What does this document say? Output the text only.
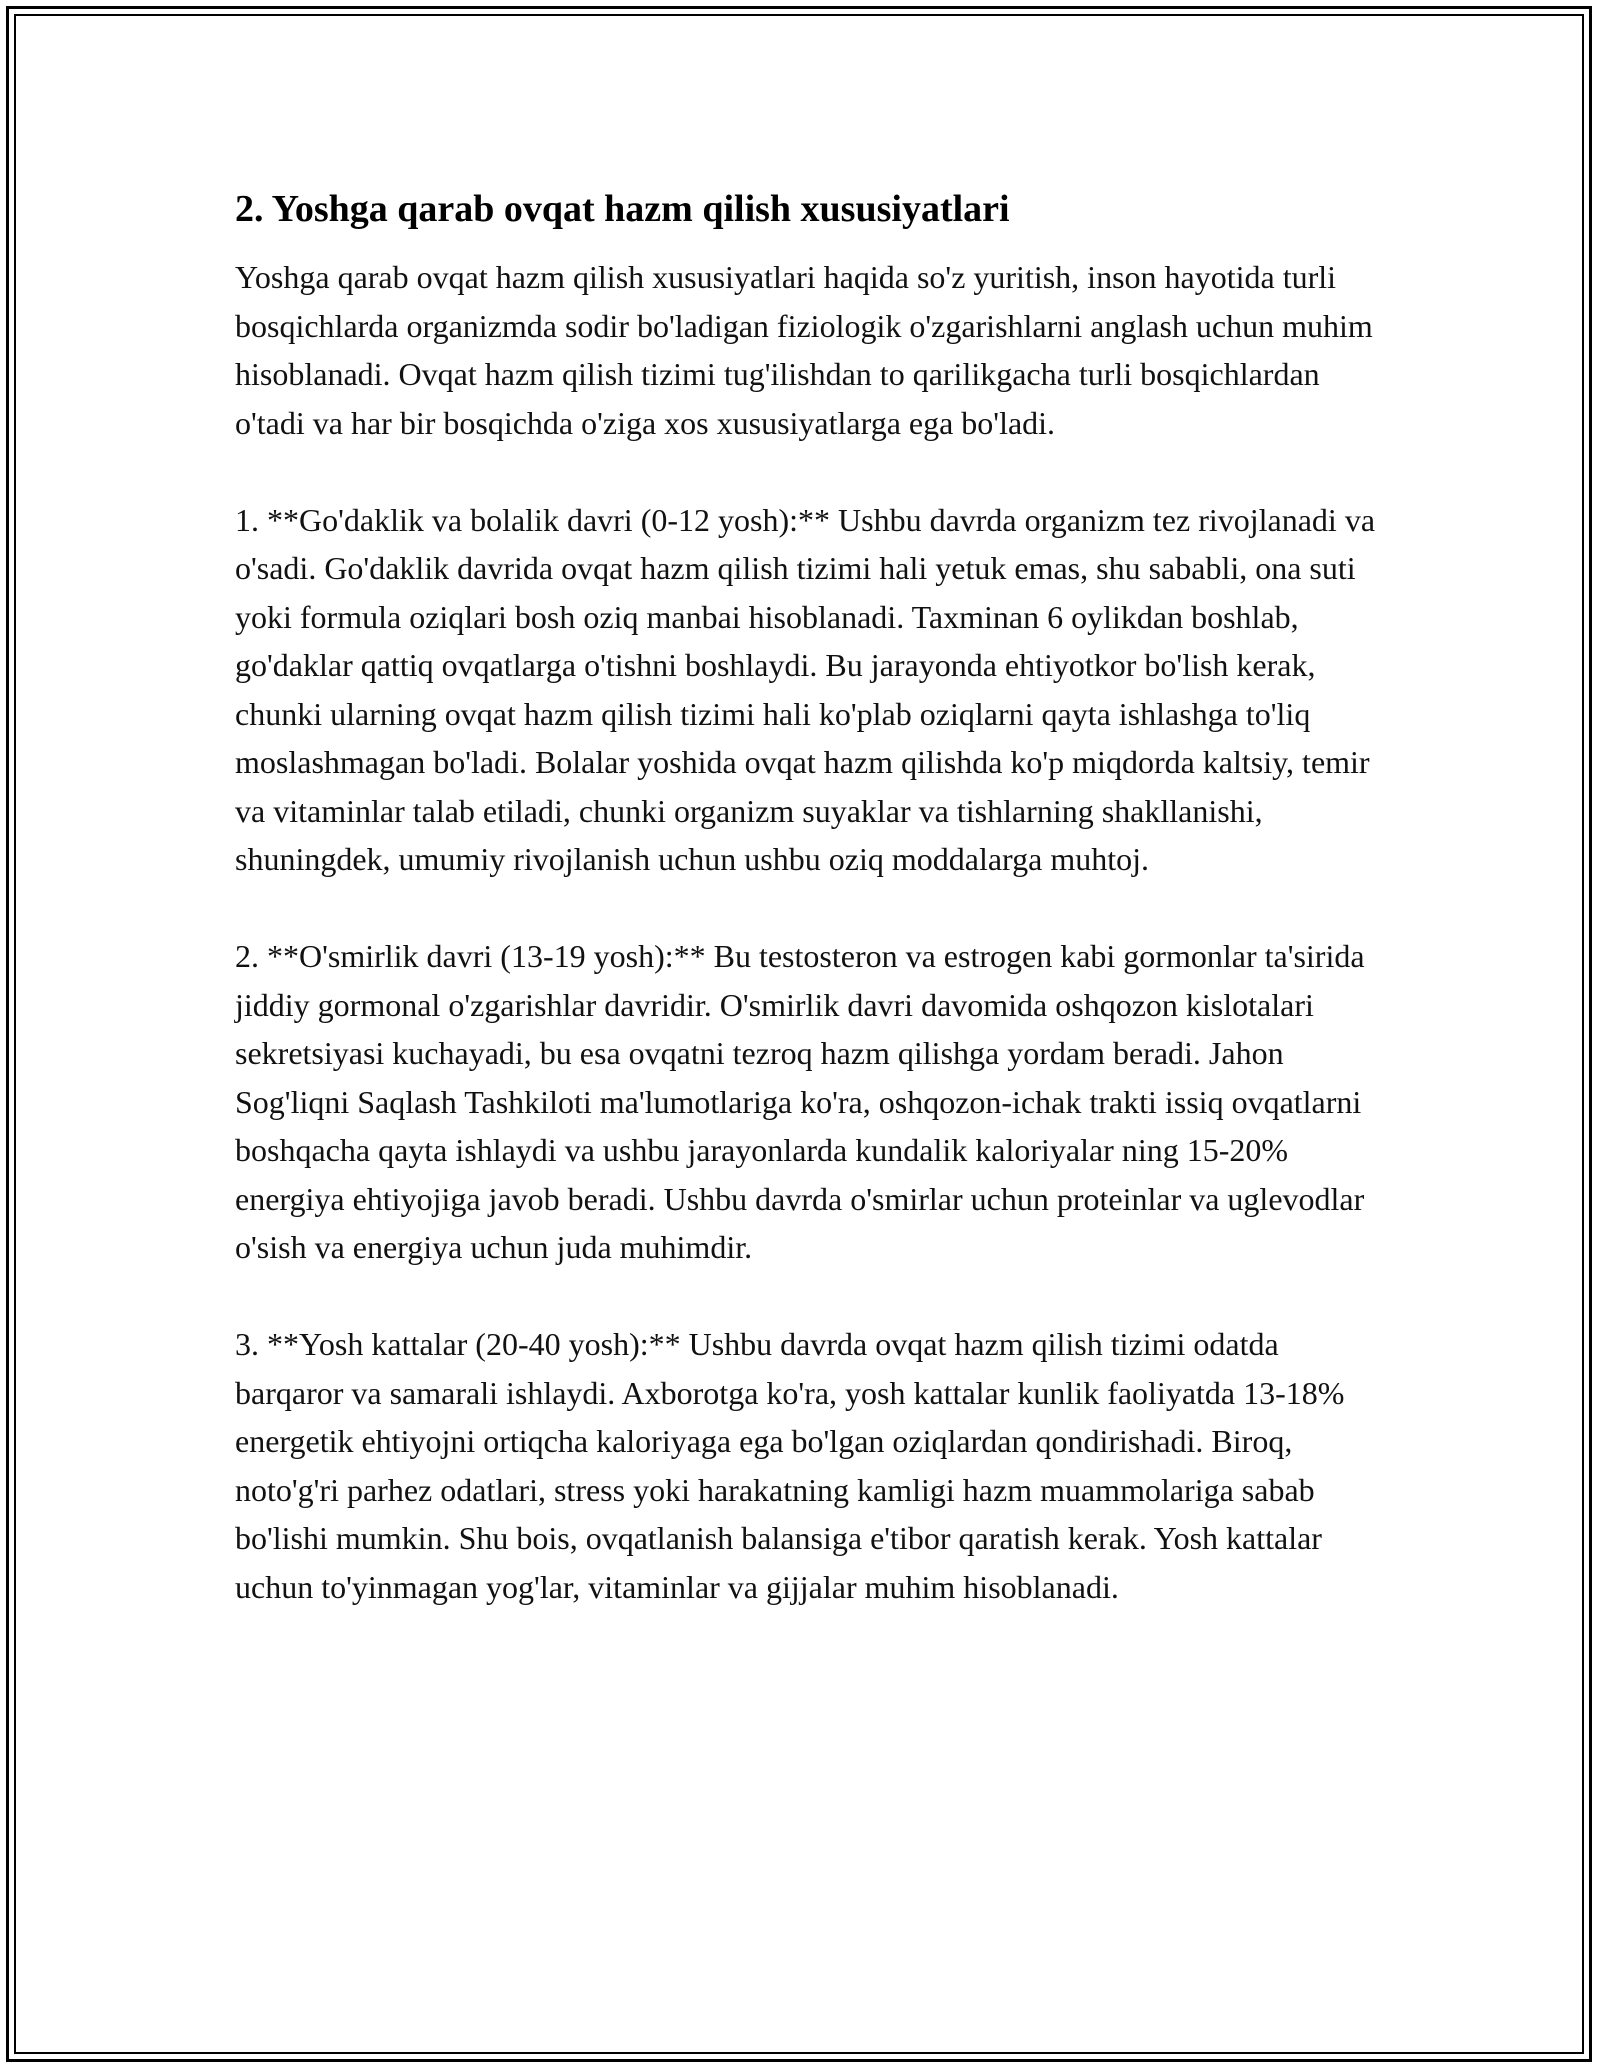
2. Yoshga qarab ovqat hazm qilish xususiyatlari

Yoshga qarab ovqat hazm qilish xususiyatlari haqida so'z yuritish, inson hayotida turli bosqichlarda organizmda sodir bo'ladigan fiziologik o'zgarishlarni anglash uchun muhim hisoblanadi. Ovqat hazm qilish tizimi tug'ilishdan to qarilikgacha turli bosqichlardan o'tadi va har bir bosqichda o'ziga xos xususiyatlarga ega bo'ladi.

1. **Go'daklik va bolalik davri (0-12 yosh):** Ushbu davrda organizm tez rivojlanadi va o'sadi. Go'daklik davrida ovqat hazm qilish tizimi hali yetuk emas, shu sababli, ona suti yoki formula oziqlari bosh oziq manbai hisoblanadi. Taxminan 6 oylikdan boshlab, go'daklar qattiq ovqatlarga o'tishni boshlaydi. Bu jarayonda ehtiyotkor bo'lish kerak, chunki ularning ovqat hazm qilish tizimi hali ko'plab oziqlarni qayta ishlashga to'liq moslashmagan bo'ladi. Bolalar yoshida ovqat hazm qilishda ko'p miqdorda kaltsiy, temir va vitaminlar talab etiladi, chunki organizm suyaklar va tishlarning shakllanishi, shuningdek, umumiy rivojlanish uchun ushbu oziq moddalarga muhtoj.

2. **O'smirlik davri (13-19 yosh):** Bu testosteron va estrogen kabi gormonlar ta'sirida jiddiy gormonal o'zgarishlar davridir. O'smirlik davri davomida oshqozon kislotalari sekretsiyasi kuchayadi, bu esa ovqatni tezroq hazm qilishga yordam beradi. Jahon Sog'liqni Saqlash Tashkiloti ma'lumotlariga ko'ra, oshqozon-ichak trakti issiq ovqatlarni boshqacha qayta ishlaydi va ushbu jarayonlarda kundalik kaloriyalar ning 15-20% energiya ehtiyojiga javob beradi. Ushbu davrda o'smirlar uchun proteinlar va uglevodlar o'sish va energiya uchun juda muhimdir.

3. **Yosh kattalar (20-40 yosh):** Ushbu davrda ovqat hazm qilish tizimi odatda barqaror va samarali ishlaydi. Axborotga ko'ra, yosh kattalar kunlik faoliyatda 13-18% energetik ehtiyojni ortiqcha kaloriyaga ega bo'lgan oziqlardan qondirishadi. Biroq, noto'g'ri parhez odatlari, stress yoki harakatning kamligi hazm muammolariga sabab bo'lishi mumkin. Shu bois, ovqatlanish balansiga e'tibor qaratish kerak. Yosh kattalar uchun to'yinmagan yog'lar, vitaminlar va gijjalar muhim hisoblanadi.
